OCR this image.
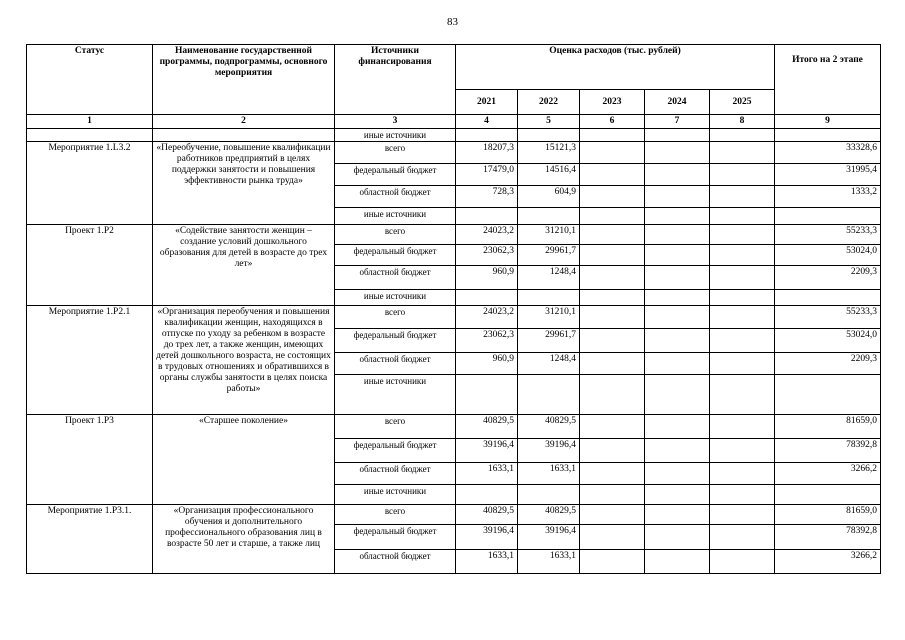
83
Статус	Наименование государственной программы, подпрограммы, основного мероприятия	Источники финансирования	Оценка расходов (тыс. рублей)					Итого на 2 этапе
			2021	2022	2023	2024	2025	
1	2	3	4	5	6	7	8	9
		иные источники						
Мероприятие 1.L3.2	«Переобучение, повышение квалификации работников предприятий в целях поддержки занятости и повышения эффективности рынка труда»	всего	18207,3	15121,3				33328,6
		федеральный бюджет	17479,0	14516,4				31995,4
		областной бюджет	728,3	604,9				1333,2
		иные источники						
Проект 1.Р2	«Содействие занятости женщин – создание условий дошкольного образования для детей в возрасте до трех лет»	всего	24023,2	31210,1				55233,3
		федеральный бюджет	23062,3	29961,7				53024,0
		областной бюджет	960,9	1248,4				2209,3
		иные источники						
Мероприятие 1.Р2.1	«Организация переобучения и повышения квалификации женщин, находящихся в отпуске по уходу за ребенком в возрасте до трех лет, а также женщин, имеющих детей дошкольного возраста, не состоящих в трудовых отношениях и обратившихся в органы службы занятости в целях поиска работы»	всего	24023,2	31210,1				55233,3
		федеральный бюджет	23062,3	29961,7				53024,0
		областной бюджет	960,9	1248,4				2209,3
		иные источники						
Проект 1.Р3	«Старшее поколение»	всего	40829,5	40829,5				81659,0
		федеральный бюджет	39196,4	39196,4				78392,8
		областной бюджет	1633,1	1633,1				3266,2
		иные источники						
Мероприятие 1.Р3.1.	«Организация профессионального обучения и дополнительного профессионального образования лиц в возрасте 50 лет и старше, а также лиц	всего	40829,5	40829,5				81659,0
		федеральный бюджет	39196,4	39196,4				78392,8
		областной бюджет	1633,1	1633,1				3266,2
